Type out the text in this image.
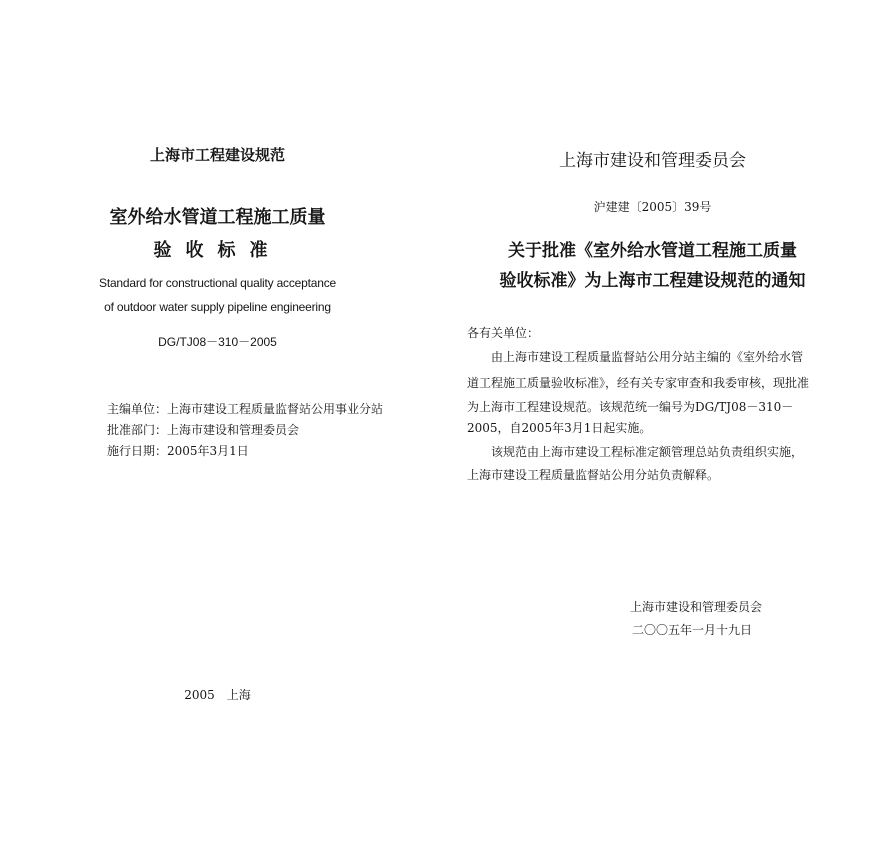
上海市工程建设规范
室外给水管道工程施工质量
验收标准
Standard for constructional quality acceptance
of outdoor water supply pipeline engineering
DG/TJ08－310－2005
主编单位：上海市建设工程质量监督站公用事业分站
批准部门：上海市建设和管理委员会
施行日期：2005年3月1日
2005　上海
上海市建设和管理委员会
沪建建〔2005〕39号
关于批准《室外给水管道工程施工质量
验收标准》为上海市工程建设规范的通知
各有关单位：
　　由上海市建设工程质量监督站公用分站主编的《室外给水管
道工程施工质量验收标准》，经有关专家审查和我委审核，现批准
为上海市工程建设规范。该规范统一编号为DG/TJ08－310－
2005，自2005年3月1日起实施。
　　该规范由上海市建设工程标准定额管理总站负责组织实施，
上海市建设工程质量监督站公用分站负责解释。
上海市建设和管理委员会
二〇〇五年一月十九日
